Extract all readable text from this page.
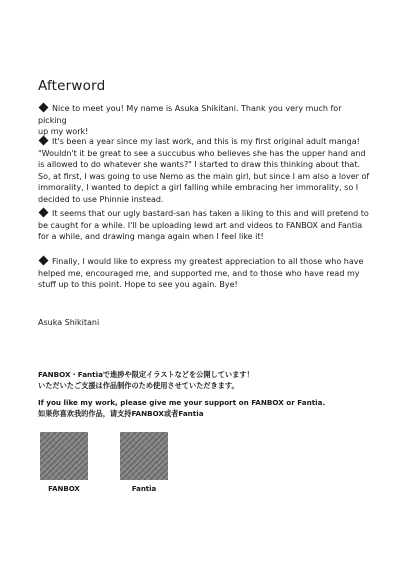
Afterword

Nice to meet you! My name is Asuka Shikitani. Thank you very much for picking
up my work!

It's been a year since my last work, and this is my first original adult manga!
"Wouldn't it be great to see a succubus who believes she has the upper hand and
is allowed to do whatever she wants?" I started to draw this thinking about that.
So, at first, I was going to use Nemo as the main girl, but since I am also a lover of
immorality, I wanted to depict a girl falling while embracing her immorality, so I
decided to use Phinnie instead.

It seems that our ugly bastard-san has taken a liking to this and will pretend to
be caught for a while. I'll be uploading lewd art and videos to FANBOX and Fantia
for a while, and drawing manga again when I feel like it!

Finally, I would like to express my greatest appreciation to all those who have
helped me, encouraged me, and supported me, and to those who have read my
stuff up to this point. Hope to see you again. Bye!

Asuka Shikitani
FANBOX・Fantiaで進捗や限定イラストなどを公開しています！
いただいたご支援は作品制作のため使用させていただきます。
If you like my work, please give me your support on FANBOX or Fantia.
如果你喜欢我的作品，请支持FANBOX或者Fantia
FANBOX	Fantia
